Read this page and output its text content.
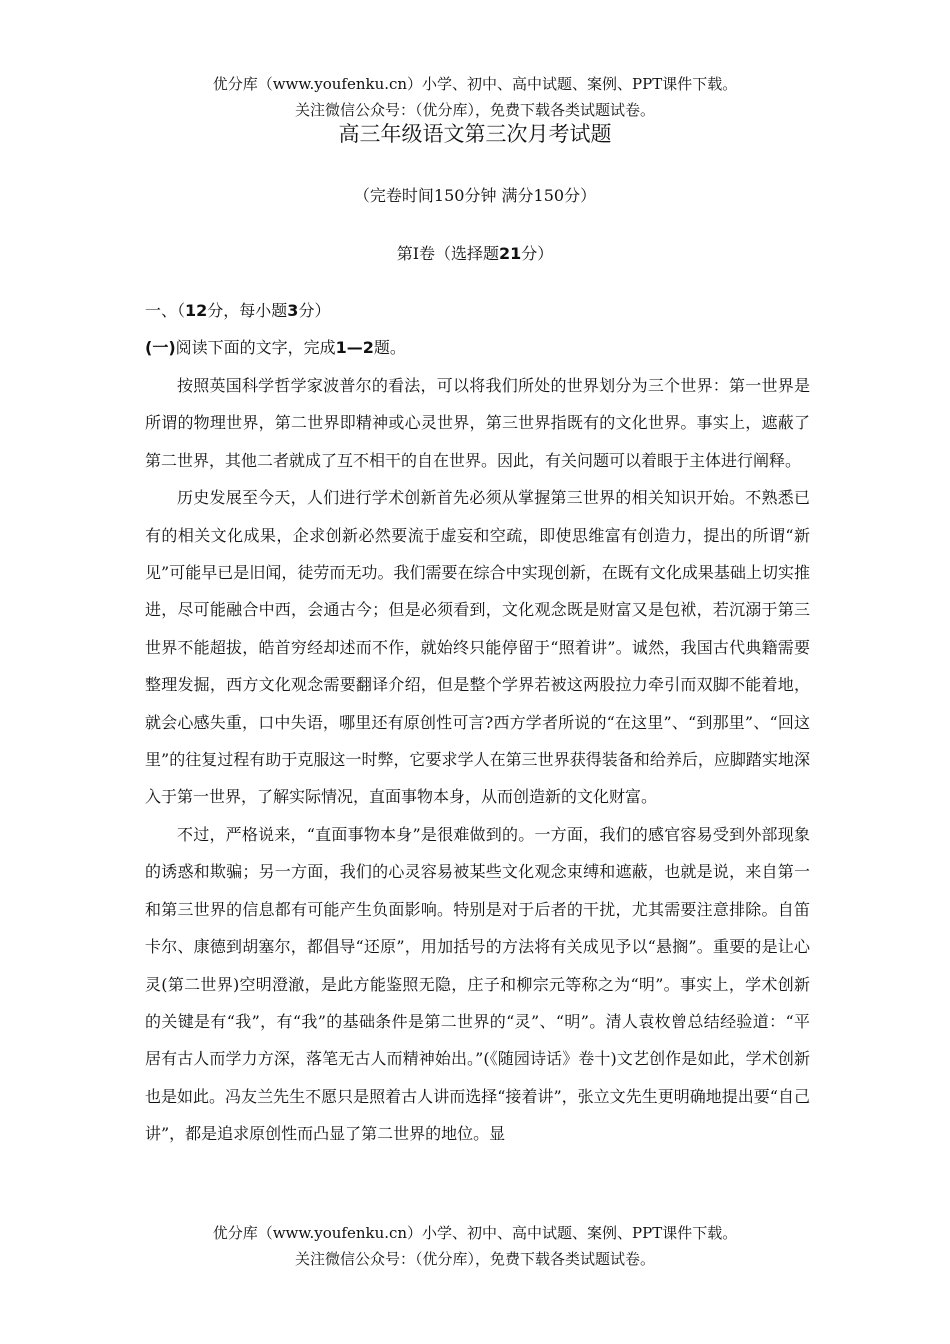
优分库（www.youfenku.cn）小学、初中、高中试题、案例、PPT课件下载。
关注微信公众号：（优分库），免费下载各类试题试卷。
高三年级语文第三次月考试题
（完卷时间150分钟 满分150分）
第Ⅰ卷（选择题21分）
一、（12分，每小题3分）
(一)阅读下面的文字，完成1—2题。

按照英国科学哲学家波普尔的看法，可以将我们所处的世界划分为三个世界：第一世界是所谓的物理世界，第二世界即精神或心灵世界，第三世界指既有的文化世界。事实上，遮蔽了第二世界，其他二者就成了互不相干的自在世界。因此，有关问题可以着眼于主体进行阐释。

历史发展至今天，人们进行学术创新首先必须从掌握第三世界的相关知识开始。不熟悉已有的相关文化成果，企求创新必然要流于虚妄和空疏，即使思维富有创造力，提出的所谓“新见”可能早已是旧闻，徒劳而无功。我们需要在综合中实现创新，在既有文化成果基础上切实推进，尽可能融合中西，会通古今；但是必须看到，文化观念既是财富又是包袱，若沉溺于第三世界不能超拔，皓首穷经却述而不作，就始终只能停留于“照着讲”。诚然，我国古代典籍需要整理发掘，西方文化观念需要翻译介绍，但是整个学界若被这两股拉力牵引而双脚不能着地，就会心感失重，口中失语，哪里还有原创性可言?西方学者所说的“在这里”、“到那里”、“回这里”的往复过程有助于克服这一时弊，它要求学人在第三世界获得装备和给养后，应脚踏实地深入于第一世界，了解实际情况，直面事物本身，从而创造新的文化财富。

不过，严格说来，“直面事物本身”是很难做到的。一方面，我们的感官容易受到外部现象的诱惑和欺骗；另一方面，我们的心灵容易被某些文化观念束缚和遮蔽，也就是说，来自第一和第三世界的信息都有可能产生负面影响。特别是对于后者的干扰，尤其需要注意排除。自笛卡尔、康德到胡塞尔，都倡导“还原”，用加括号的方法将有关成见予以“悬搁”。重要的是让心灵(第二世界)空明澄澈，是此方能鉴照无隐，庄子和柳宗元等称之为“明”。事实上，学术创新的关键是有“我”，有“我”的基础条件是第二世界的“灵”、“明”。清人袁枚曾总结经验道：“平居有古人而学力方深，落笔无古人而精神始出。”(《随园诗话》卷十)文艺创作是如此，学术创新也是如此。冯友兰先生不愿只是照着古人讲而选择“接着讲”，张立文先生更明确地提出要“自己讲”，都是追求原创性而凸显了第二世界的地位。显

优分库（www.youfenku.cn）小学、初中、高中试题、案例、PPT课件下载。
关注微信公众号：（优分库），免费下载各类试题试卷。
